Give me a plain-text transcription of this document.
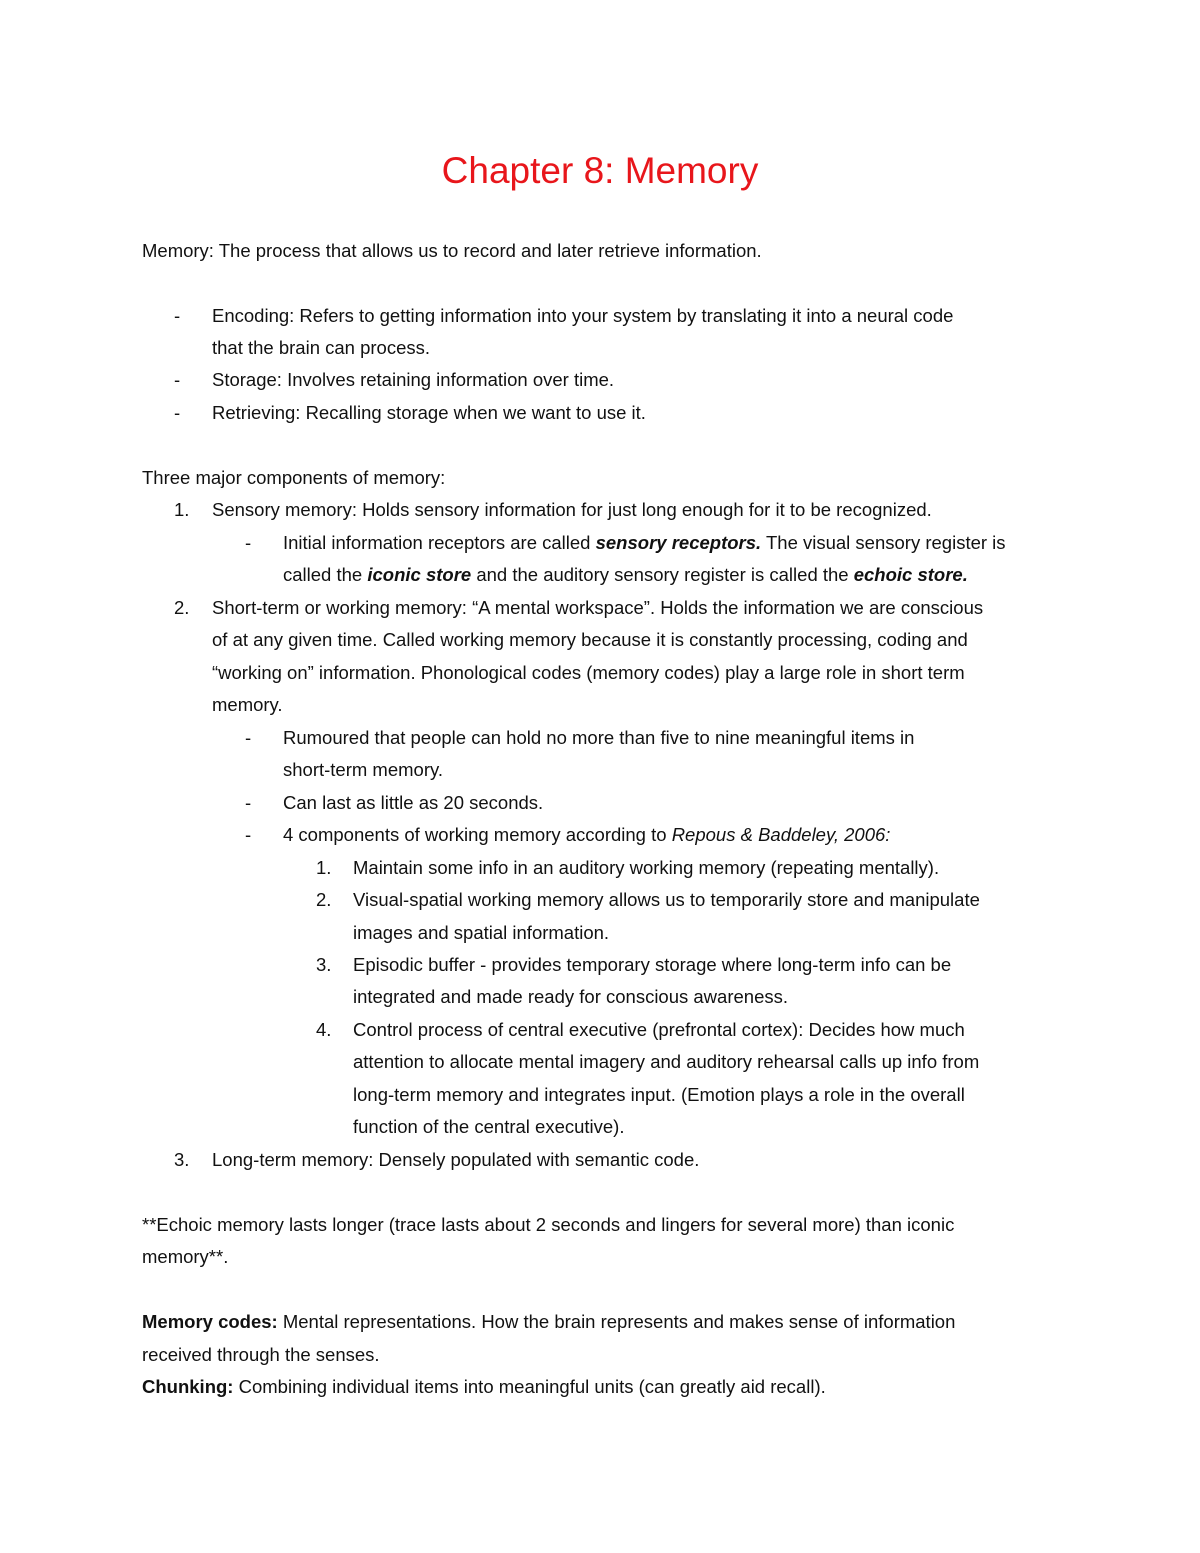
Chapter 8: Memory
Memory: The process that allows us to record and later retrieve information.
- Encoding: Refers to getting information into your system by translating it into a neural code
that the brain can process.
- Storage: Involves retaining information over time.
- Retrieving: Recalling storage when we want to use it.
Three major components of memory:
1. Sensory memory: Holds sensory information for just long enough for it to be recognized.
- Initial information receptors are called sensory receptors. The visual sensory register is
called the iconic store and the auditory sensory register is called the echoic store.
2. Short-term or working memory: “A mental workspace”. Holds the information we are conscious
of at any given time. Called working memory because it is constantly processing, coding and
“working on” information. Phonological codes (memory codes) play a large role in short term
memory.
- Rumoured that people can hold no more than five to nine meaningful items in
short-term memory.
- Can last as little as 20 seconds.
- 4 components of working memory according to Repous & Baddeley, 2006:
1. Maintain some info in an auditory working memory (repeating mentally).
2. Visual-spatial working memory allows us to temporarily store and manipulate
images and spatial information.
3. Episodic buffer - provides temporary storage where long-term info can be
integrated and made ready for conscious awareness.
4. Control process of central executive (prefrontal cortex): Decides how much
attention to allocate mental imagery and auditory rehearsal calls up info from
long-term memory and integrates input. (Emotion plays a role in the overall
function of the central executive).
3. Long-term memory: Densely populated with semantic code.
**Echoic memory lasts longer (trace lasts about 2 seconds and lingers for several more) than iconic
memory**.
Memory codes: Mental representations. How the brain represents and makes sense of information
received through the senses.
Chunking: Combining individual items into meaningful units (can greatly aid recall).
